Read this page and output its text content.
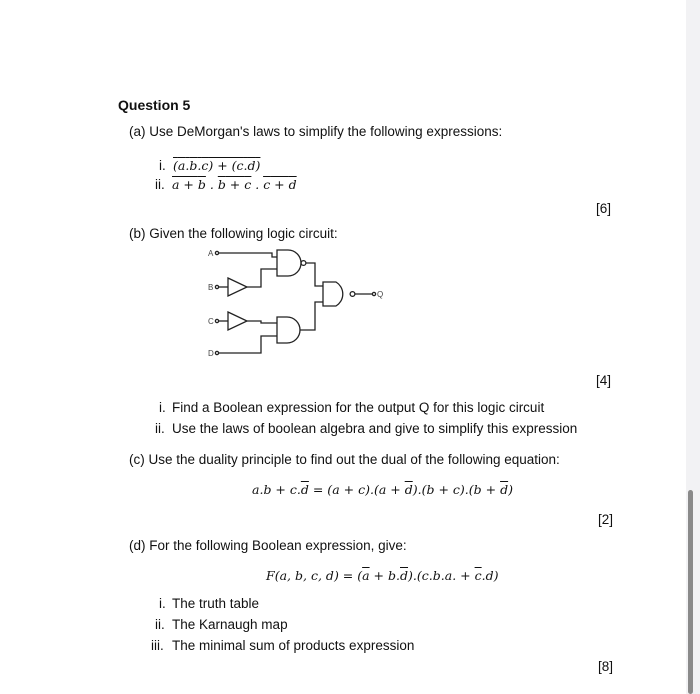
Question 5
(a) Use DeMorgan's laws to simplify the following expressions:
i. (a.b.c) + (c.d)
ii. a + b . b + c . c + d
[6]
(b) Given the following logic circuit:
A
B
C
D
Q
[4]
i. Find a Boolean expression for the output Q for this logic circuit
ii. Use the laws of boolean algebra and give to simplify this expression
(c) Use the duality principle to find out the dual of the following equation:
$a.b + c.\overline{d} = (a + c).(a + \overline{d}).(b + c).(b + \overline{d})$
[2]
(d) For the following Boolean expression, give:
F(a, b, c, $d) = (\overline{a} + b.\overline{d}).(c.b.a$. + $\overline{c}.d$)
i. The truth table
ii. The Karnaugh map
iii. The minimal sum of products expression
[8]
